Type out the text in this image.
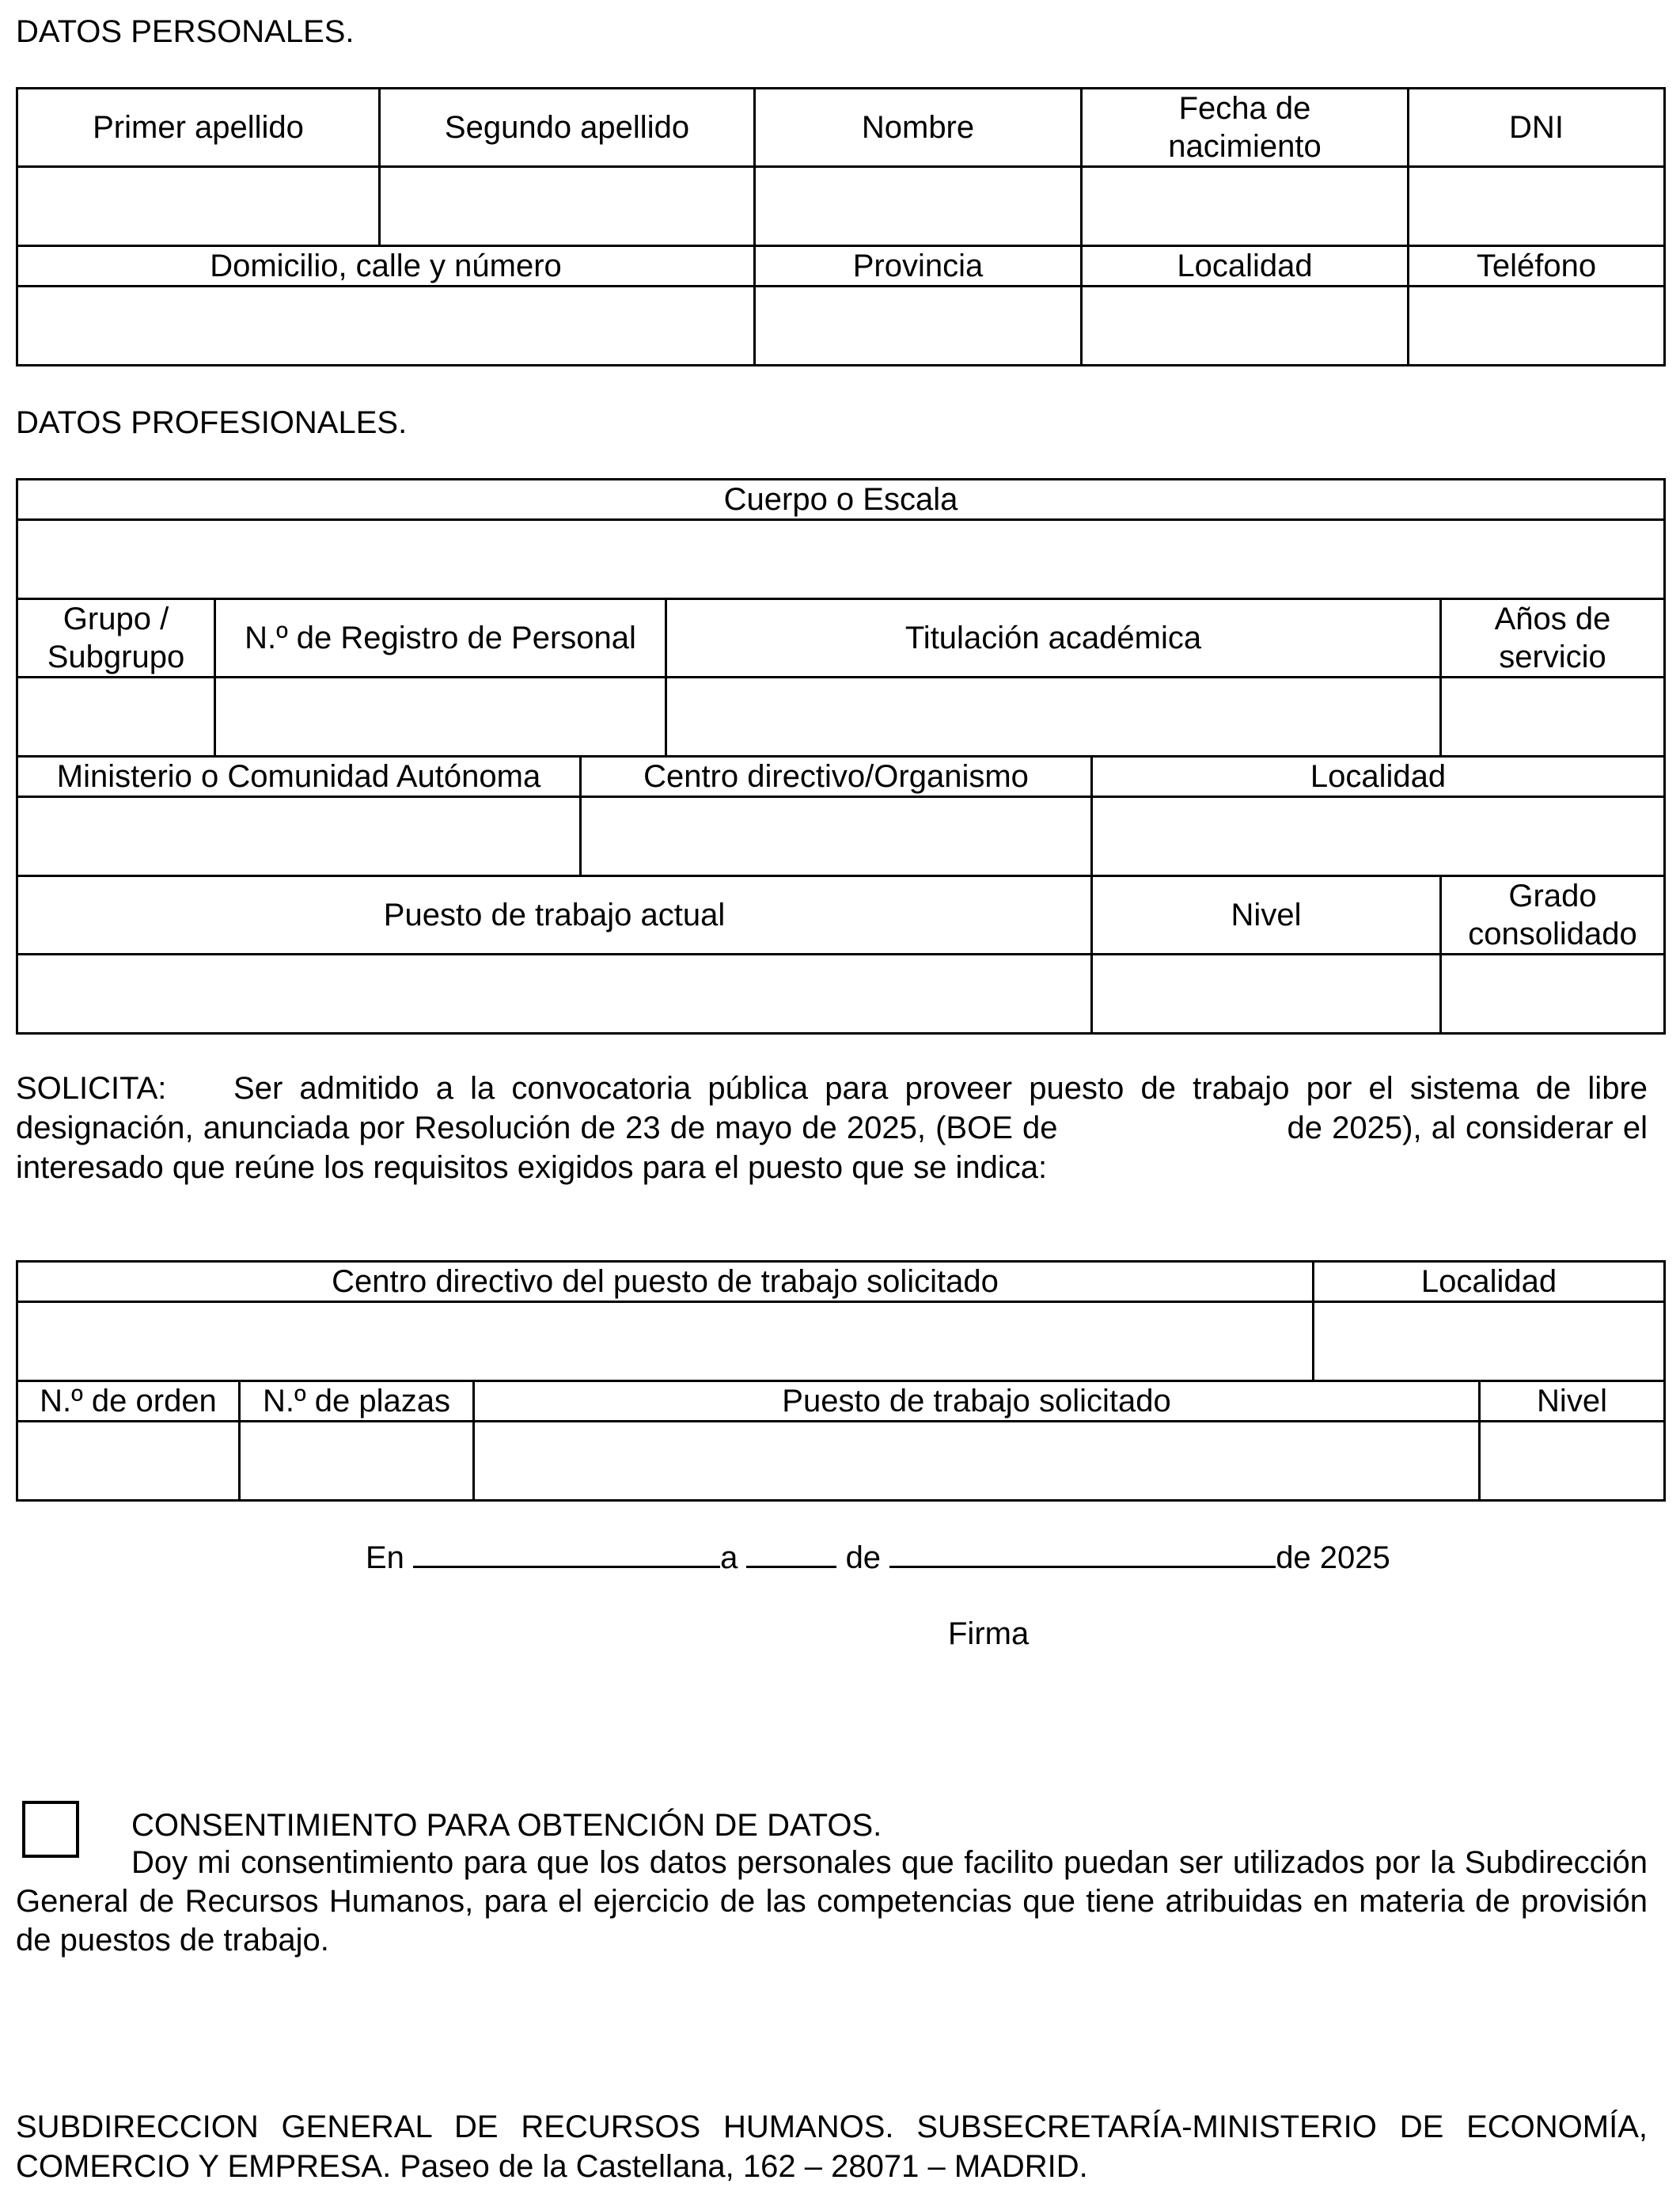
DATOS PERSONALES.
Primer apellido	Segundo apellido	Nombre	Fecha de nacimiento	DNI

Domicilio, calle y número		Provincia	Localidad	Teléfono

DATOS PROFESIONALES.
Cuerpo o Escala					

Grupo / Subgrupo	N.º de Registro de Personal		Titulación académica		Años de servicio

Ministerio o Comunidad Autónoma		Centro directivo/Organismo		Localidad	

Puesto de trabajo actual				Nivel	Grado consolidado

SOLICITA: Ser admitido a la convocatoria pública para proveer puesto de trabajo por el sistema de libre designación, anunciada por Resolución de 23 de mayo de 2025, (BOE de	de 2025), al considerar el interesado que reúne los requisitos exigidos para el puesto que se indica:
Centro directivo del puesto de trabajo solicitado			Localidad	

N.º de orden	N.º de plazas	Puesto de trabajo solicitado		Nivel

En	a	de	de 2025
Firma
CONSENTIMIENTO PARA OBTENCIÓN DE DATOS.
Doy mi consentimiento para que los datos personales que facilito puedan ser utilizados por la Subdirección General de Recursos Humanos, para el ejercicio de las competencias que tiene atribuidas en materia de provisión de puestos de trabajo.
SUBDIRECCION GENERAL DE RECURSOS HUMANOS. SUBSECRETARÍA-MINISTERIO DE ECONOMÍA, COMERCIO Y EMPRESA. Paseo de la Castellana, 162 – 28071 – MADRID.
